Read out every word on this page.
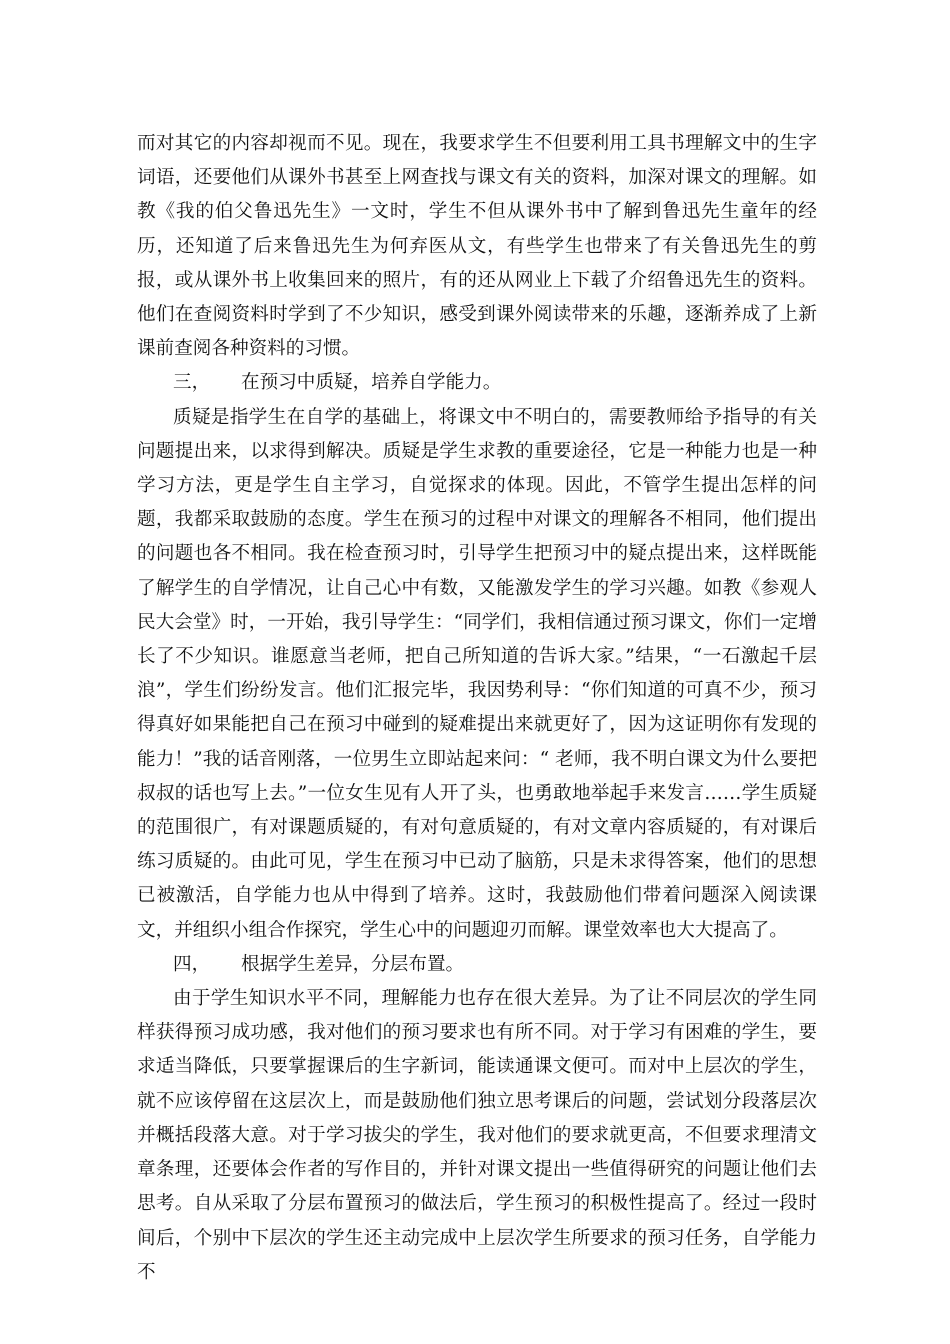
而对其它的内容却视而不见。现在，我要求学生不但要利用工具书理解文中的生字词语，还要他们从课外书甚至上网查找与课文有关的资料，加深对课文的理解。如教《我的伯父鲁迅先生》一文时，学生不但从课外书中了解到鲁迅先生童年的经历，还知道了后来鲁迅先生为何弃医从文，有些学生也带来了有关鲁迅先生的剪报，或从课外书上收集回来的照片，有的还从网业上下载了介绍鲁迅先生的资料。他们在查阅资料时学到了不少知识，感受到课外阅读带来的乐趣，逐渐养成了上新课前查阅各种资料的习惯。

三， 在预习中质疑，培养自学能力。

质疑是指学生在自学的基础上，将课文中不明白的，需要教师给予指导的有关问题提出来，以求得到解决。质疑是学生求教的重要途径，它是一种能力也是一种学习方法，更是学生自主学习，自觉探求的体现。因此，不管学生提出怎样的问题，我都采取鼓励的态度。学生在预习的过程中对课文的理解各不相同，他们提出的问题也各不相同。我在检查预习时，引导学生把预习中的疑点提出来，这样既能了解学生的自学情况，让自己心中有数，又能激发学生的学习兴趣。如教《参观人民大会堂》时，一开始，我引导学生：“同学们，我相信通过预习课文，你们一定增长了不少知识。谁愿意当老师，把自己所知道的告诉大家。”结果，“一石激起千层浪”，学生们纷纷发言。他们汇报完毕，我因势利导：“你们知道的可真不少，预习得真好如果能把自己在预习中碰到的疑难提出来就更好了，因为这证明你有发现的能力！”我的话音刚落，一位男生立即站起来问：“ 老师，我不明白课文为什么要把叔叔的话也写上去。”一位女生见有人开了头，也勇敢地举起手来发言……学生质疑的范围很广，有对课题质疑的，有对句意质疑的，有对文章内容质疑的，有对课后练习质疑的。由此可见，学生在预习中已动了脑筋，只是未求得答案，他们的思想已被激活，自学能力也从中得到了培养。这时，我鼓励他们带着问题深入阅读课文，并组织小组合作探究，学生心中的问题迎刃而解。课堂效率也大大提高了。

四， 根据学生差异，分层布置。

由于学生知识水平不同，理解能力也存在很大差异。为了让不同层次的学生同样获得预习成功感，我对他们的预习要求也有所不同。对于学习有困难的学生，要求适当降低，只要掌握课后的生字新词，能读通课文便可。而对中上层次的学生，就不应该停留在这层次上，而是鼓励他们独立思考课后的问题，尝试划分段落层次并概括段落大意。对于学习拔尖的学生，我对他们的要求就更高，不但要求理清文章条理，还要体会作者的写作目的，并针对课文提出一些值得研究的问题让他们去思考。自从采取了分层布置预习的做法后，学生预习的积极性提高了。经过一段时间后，个别中下层次的学生还主动完成中上层次学生所要求的预习任务，自学能力不
